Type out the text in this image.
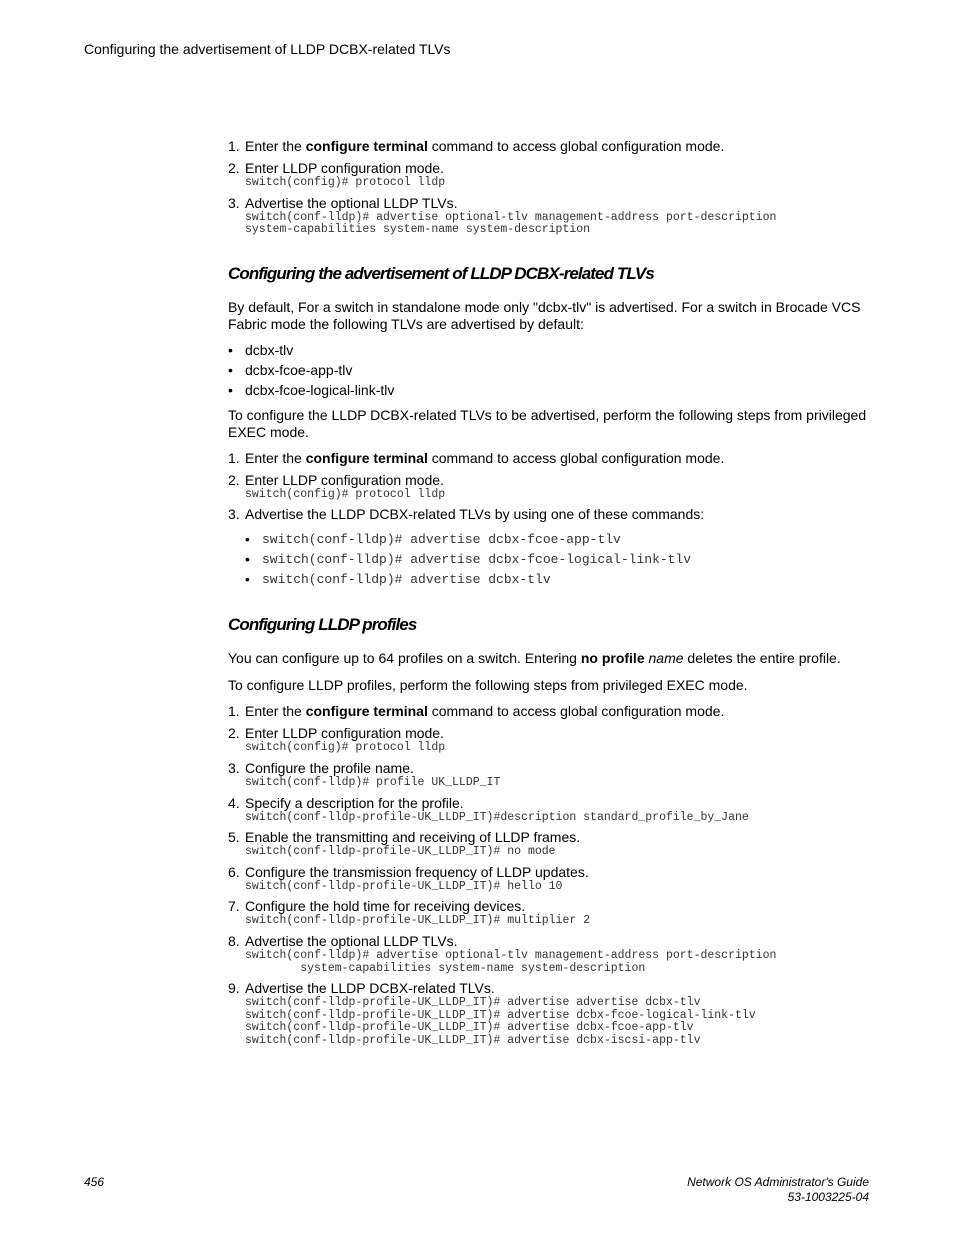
Configuring the advertisement of LLDP DCBX-related TLVs
1. Enter the configure terminal command to access global configuration mode.
2. Enter LLDP configuration mode.
switch(config)# protocol lldp
3. Advertise the optional LLDP TLVs.
switch(conf-lldp)# advertise optional-tlv management-address port-description
system-capabilities system-name system-description
Configuring the advertisement of LLDP DCBX-related TLVs

By default, For a switch in standalone mode only "dcbx-tlv" is advertised. For a switch in Brocade VCS Fabric mode the following TLVs are advertised by default:

• dcbx-tlv
• dcbx-fcoe-app-tlv
• dcbx-fcoe-logical-link-tlv

To configure the LLDP DCBX-related TLVs to be advertised, perform the following steps from privileged EXEC mode.

1. Enter the configure terminal command to access global configuration mode.
2. Enter LLDP configuration mode.
switch(config)# protocol lldp
3. Advertise the LLDP DCBX-related TLVs by using one of these commands:
• switch(conf-lldp)# advertise dcbx-fcoe-app-tlv
• switch(conf-lldp)# advertise dcbx-fcoe-logical-link-tlv
• switch(conf-lldp)# advertise dcbx-tlv
Configuring LLDP profiles

You can configure up to 64 profiles on a switch. Entering no profile name deletes the entire profile.

To configure LLDP profiles, perform the following steps from privileged EXEC mode.

1. Enter the configure terminal command to access global configuration mode.
2. Enter LLDP configuration mode.
switch(config)# protocol lldp
3. Configure the profile name.
switch(conf-lldp)# profile UK_LLDP_IT
4. Specify a description for the profile.
switch(conf-lldp-profile-UK_LLDP_IT)#description standard_profile_by_Jane
5. Enable the transmitting and receiving of LLDP frames.
switch(conf-lldp-profile-UK_LLDP_IT)# no mode
6. Configure the transmission frequency of LLDP updates.
switch(conf-lldp-profile-UK_LLDP_IT)# hello 10
7. Configure the hold time for receiving devices.
switch(conf-lldp-profile-UK_LLDP_IT)# multiplier 2
8. Advertise the optional LLDP TLVs.
switch(conf-lldp)# advertise optional-tlv management-address port-description
system-capabilities system-name system-description
9. Advertise the LLDP DCBX-related TLVs.
switch(conf-lldp-profile-UK_LLDP_IT)# advertise advertise dcbx-tlv
switch(conf-lldp-profile-UK_LLDP_IT)# advertise dcbx-fcoe-logical-link-tlv
switch(conf-lldp-profile-UK_LLDP_IT)# advertise dcbx-fcoe-app-tlv
switch(conf-lldp-profile-UK_LLDP_IT)# advertise dcbx-iscsi-app-tlv
456	Network OS Administrator's Guide
53-1003225-04
